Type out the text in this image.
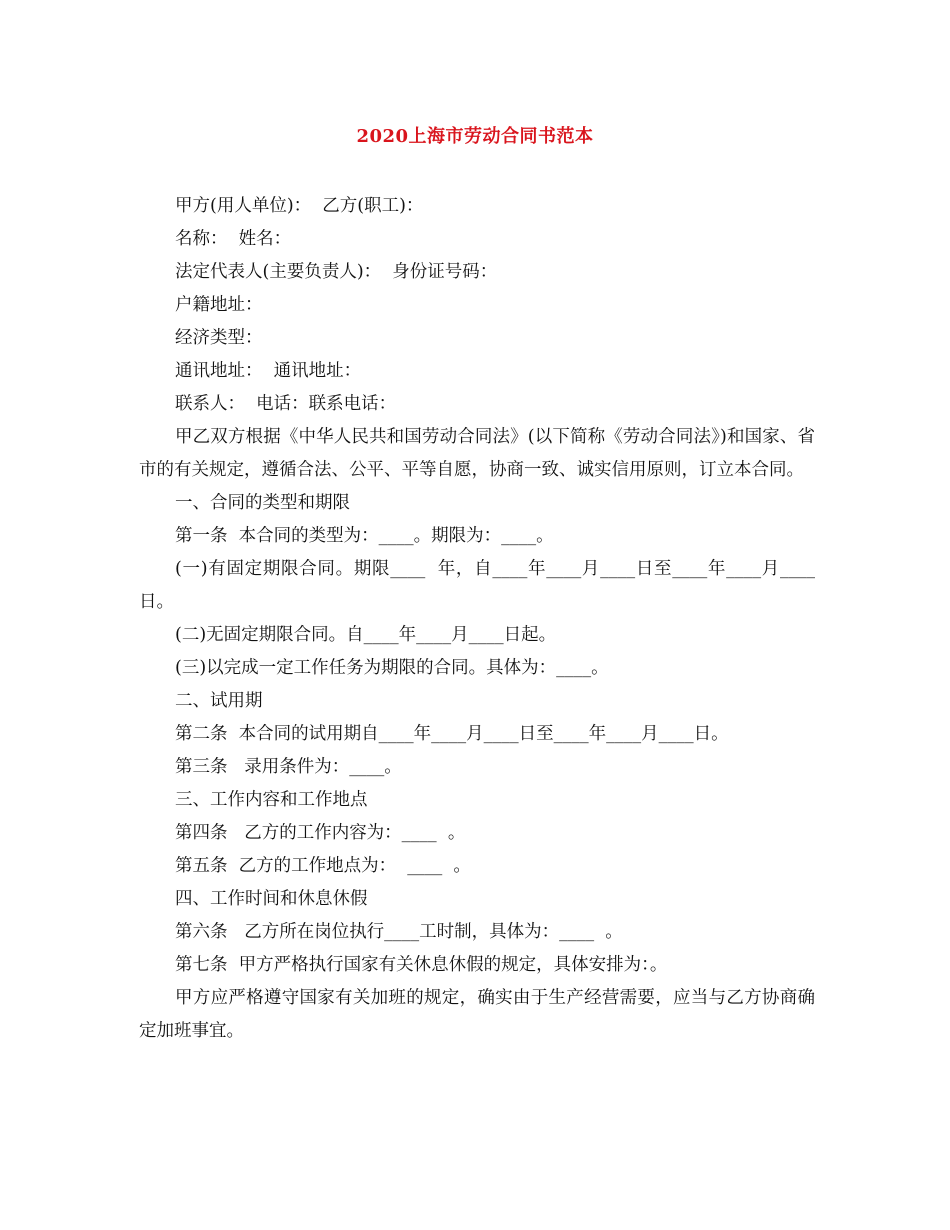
2020上海市劳动合同书范本

甲方(用人单位)：  乙方(职工)：

名称：  姓名：

法定代表人(主要负责人)：  身份证号码：

户籍地址：

经济类型：

通讯地址：  通讯地址：

联系人：  电话：联系电话：

甲乙双方根据《中华人民共和国劳动合同法》(以下简称《劳动合同法》)和国家、省市的有关规定，遵循合法、公平、平等自愿，协商一致、诚实信用原则，订立本合同。

一、合同的类型和期限

第一条  本合同的类型为：____。期限为：____。

(一)有固定期限合同。期限____  年，自____年____月____日至____年____月____日。

(二)无固定期限合同。自____年____月____日起。

(三)以完成一定工作任务为期限的合同。具体为：____。

二、试用期

第二条  本合同的试用期自____年____月____日至____年____月____日。

第三条   录用条件为：____。

三、工作内容和工作地点

第四条   乙方的工作内容为：____  。

第五条  乙方的工作地点为：  ____  。

四、工作时间和休息休假

第六条   乙方所在岗位执行____工时制，具体为：____  。

第七条  甲方严格执行国家有关休息休假的规定，具体安排为：。

甲方应严格遵守国家有关加班的规定，确实由于生产经营需要，应当与乙方协商确定加班事宜。
